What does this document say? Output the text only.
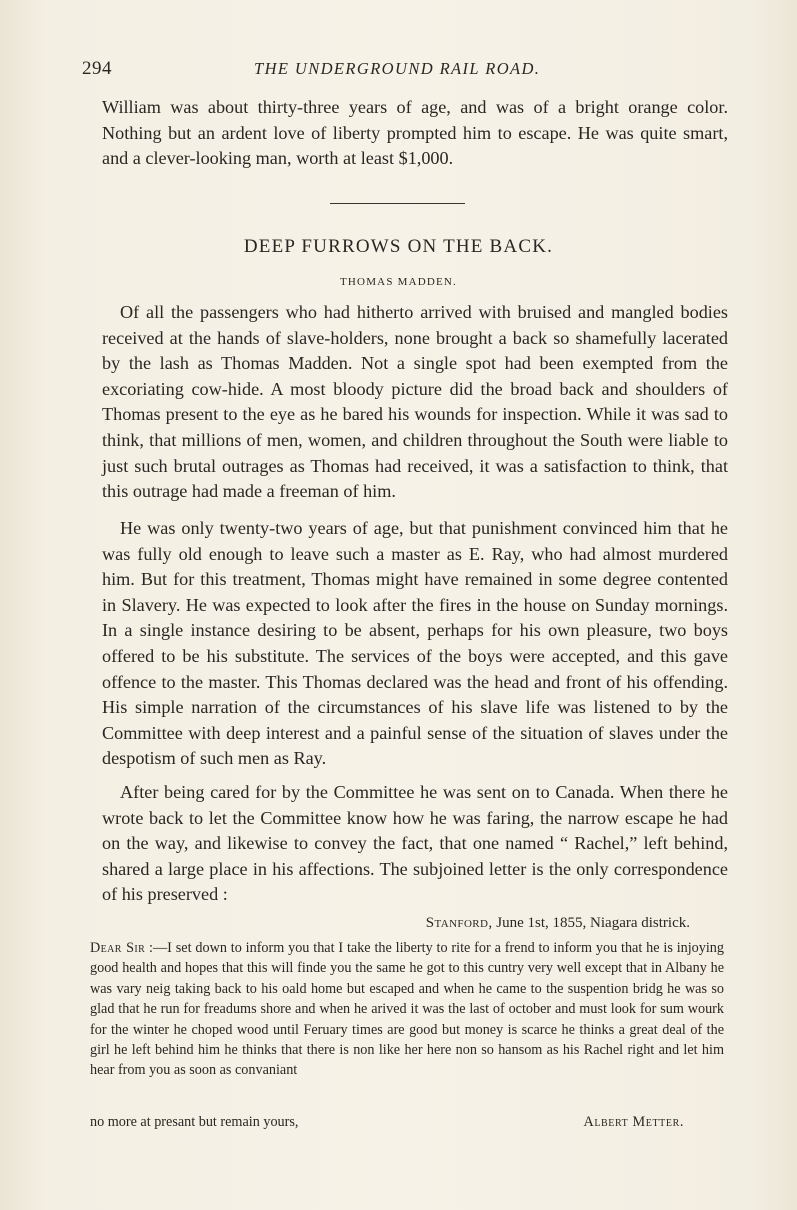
294	THE UNDERGROUND RAIL ROAD.

William was about thirty-three years of age, and was of a bright orange color. Nothing but an ardent love of liberty prompted him to escape. He was quite smart, and a clever-looking man, worth at least $1,000.

DEEP FURROWS ON THE BACK.
THOMAS MADDEN.

Of all the passengers who had hitherto arrived with bruised and mangled bodies received at the hands of slave-holders, none brought a back so shamefully lacerated by the lash as Thomas Madden. Not a single spot had been exempted from the excoriating cow-hide. A most bloody picture did the broad back and shoulders of Thomas present to the eye as he bared his wounds for inspection. While it was sad to think, that millions of men, women, and children throughout the South were liable to just such brutal outrages as Thomas had received, it was a satisfaction to think, that this outrage had made a freeman of him.

He was only twenty-two years of age, but that punishment convinced him that he was fully old enough to leave such a master as E. Ray, who had almost murdered him. But for this treatment, Thomas might have remained in some degree contented in Slavery. He was expected to look after the fires in the house on Sunday mornings. In a single instance desiring to be absent, perhaps for his own pleasure, two boys offered to be his substitute. The services of the boys were accepted, and this gave offence to the master. This Thomas declared was the head and front of his offending. His simple narration of the circumstances of his slave life was listened to by the Committee with deep interest and a painful sense of the situation of slaves under the despotism of such men as Ray.

After being cared for by the Committee he was sent on to Canada. When there he wrote back to let the Committee know how he was faring, the narrow escape he had on the way, and likewise to convey the fact, that one named “ Rachel,” left behind, shared a large place in his affections. The subjoined letter is the only correspondence of his preserved :

Stanford, June 1st, 1855, Niagara districk.

Dear Sir :—I set down to inform you that I take the liberty to rite for a frend to inform you that he is injoying good health and hopes that this will finde you the same he got to this cuntry very well except that in Albany he was vary neig taking back to his oald home but escaped and when he came to the suspention bridg he was so glad that he run for freadums shore and when he arived it was the last of october and must look for sum wourk for the winter he choped wood until Feruary times are good but money is scarce he thinks a great deal of the girl he left behind him he thinks that there is non like her here non so hansom as his Rachel right and let him hear from you as soon as convaniant

no more at presant but remain yours,	Albert Metter.
